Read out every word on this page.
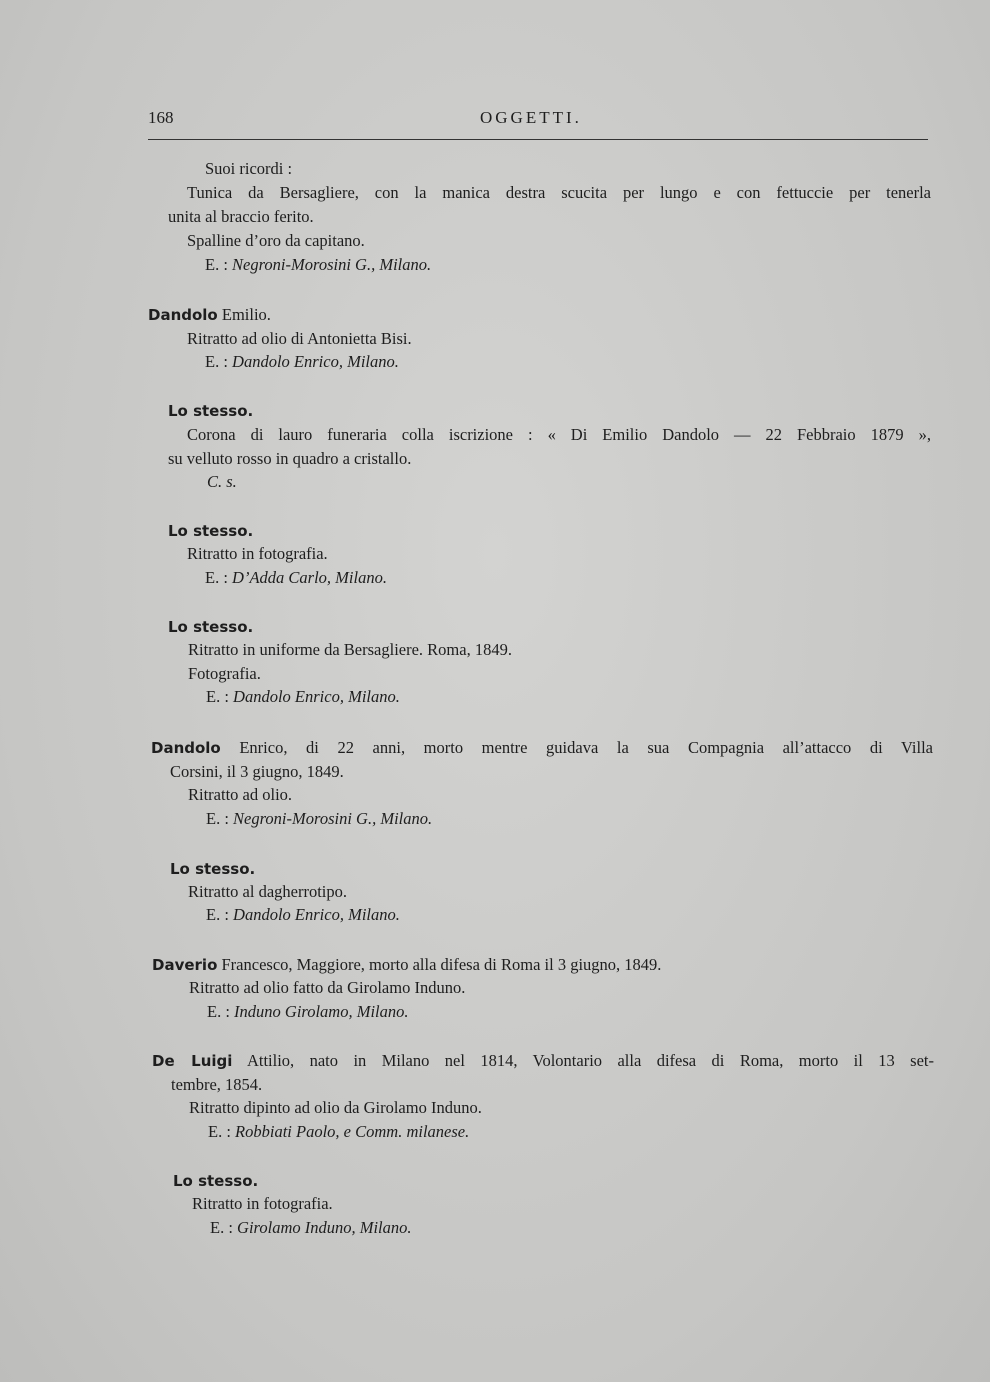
168	OGGETTI.
Suoi ricordi :
Tunica da Bersagliere, con la manica destra scucita per lungo e con fettuccie per tenerla
unita al braccio ferito.
Spalline d’oro da capitano.
E. : Negroni-Morosini G., Milano.
Dandolo Emilio.
Ritratto ad olio di Antonietta Bisi.
E. : Dandolo Enrico, Milano.
Lo stesso.
Corona di lauro funeraria colla iscrizione : « Di Emilio Dandolo — 22 Febbraio 1879 »,
su velluto rosso in quadro a cristallo.
C. s.
Lo stesso.
Ritratto in fotografia.
E. : D’Adda Carlo, Milano.
Lo stesso.
Ritratto in uniforme da Bersagliere. Roma, 1849.
Fotografia.
E. : Dandolo Enrico, Milano.
Dandolo Enrico, di 22 anni, morto mentre guidava la sua Compagnia all’attacco di Villa
Corsini, il 3 giugno, 1849.
Ritratto ad olio.
E. : Negroni-Morosini G., Milano.
Lo stesso.
Ritratto al dagherrotipo.
E. : Dandolo Enrico, Milano.
Daverio Francesco, Maggiore, morto alla difesa di Roma il 3 giugno, 1849.
Ritratto ad olio fatto da Girolamo Induno.
E. : Induno Girolamo, Milano.
De Luigi Attilio, nato in Milano nel 1814, Volontario alla difesa di Roma, morto il 13 set-
tembre, 1854.
Ritratto dipinto ad olio da Girolamo Induno.
E. : Robbiati Paolo, e Comm. milanese.
Lo stesso.
Ritratto in fotografia.
E. : Girolamo Induno, Milano.
